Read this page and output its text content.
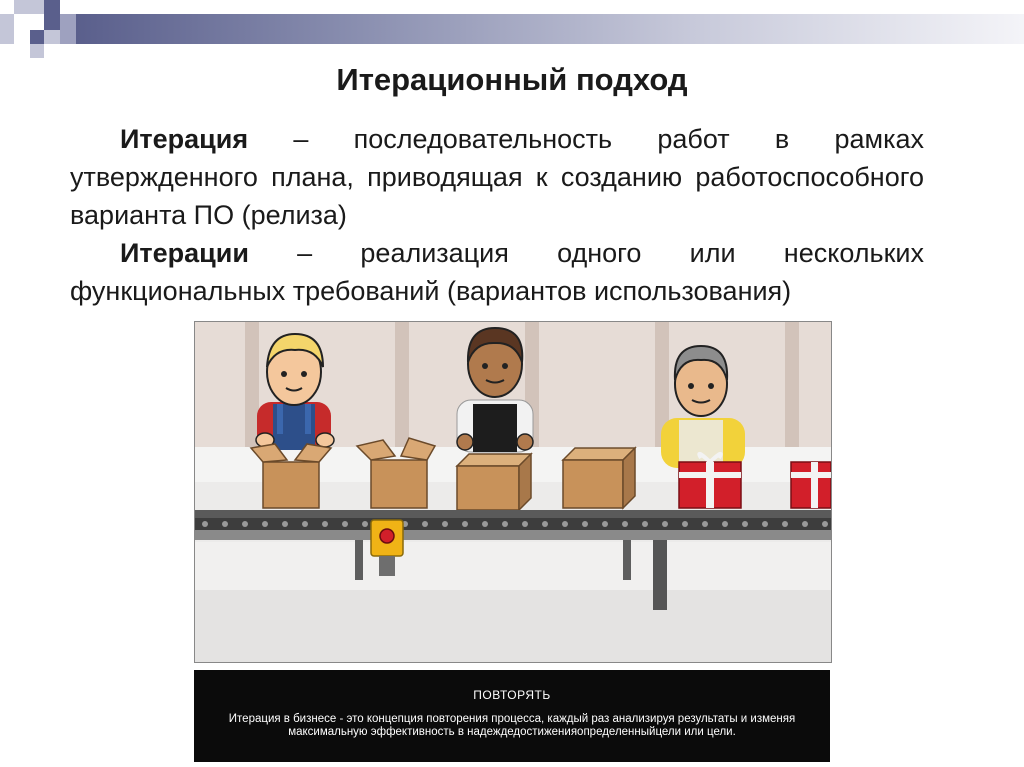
Итерационный подход

Итерация – последовательность работ в рамках утвержденного плана, приводящая к созданию работоспособного варианта ПО (релиза)

Итерации – реализация одного или нескольких функциональных требований (вариантов использования)

ПОВТОРЯТЬ
Итерация в бизнесе - это концепция повторения процесса, каждый раз анализируя результаты и изменяя максимальную эффективность в надеждедостиженияопределенныйцели или цели.
